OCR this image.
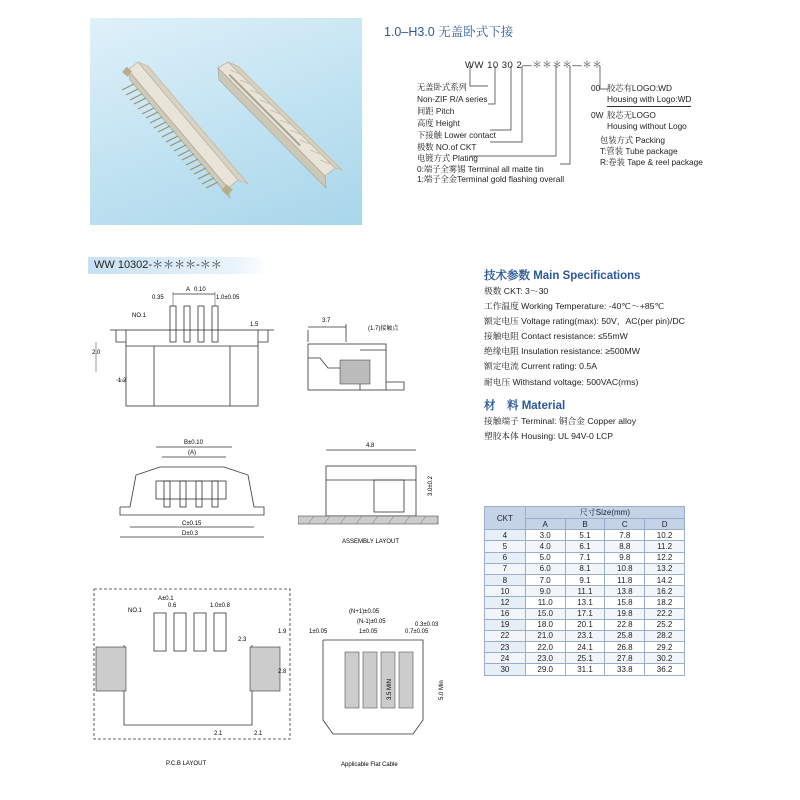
1.0–H3.0 无盖卧式下接
WW 10 30 2—＊＊＊＊—＊＊
无盖卧式系列
Non-ZIF R/A series
间距 Pitch
高度 Height
下接触 Lower contact
极数 NO.of CKT
电镀方式 Plating
0:端子全雾锡 Terminal all matte tin
1:端子全金Terminal gold flashing overall
00 胶芯有LOGO:WD
Housing with Logo:WD
0W 胶芯无LOGO
Housing without Logo
包装方式 Packing
T:管装 Tube package
R:卷装 Tape & reel package
WW 10302-＊＊＊＊-＊＊
技术参数 Main Specifications
极数 CKT: 3～30
工作温度 Working Temperature: -40℃～+85℃
额定电压 Voltage rating(max): 50V，AC(per pin)/DC
接触电阻 Contact resistance: ≤55mW
绝缘电阻 Insulation resistance: ≥500MW
额定电流 Current rating: 0.5A
耐电压 Withstand voltage: 500VAC(rms)
材　料 Material
接触端子 Terminal: 铜合金 Copper alloy
塑胶本体 Housing: UL 94V-0 LCP
CKT	尺寸Size(mm)			
	A	B	C	D
4	3.0	5.1	7.8	10.2
5	4.0	6.1	8.8	11.2
6	5.0	7.1	9.8	12.2
7	6.0	8.1	10.8	13.2
8	7.0	9.1	11.8	14.2
10	9.0	11.1	13.8	16.2
12	11.0	13.1	15.8	18.2
16	15.0	17.1	19.8	22.2
19	18.0	20.1	22.8	25.2
22	21.0	23.1	25.8	28.2
23	22.0	24.1	26.8	29.2
24	23.0	25.1	27.8	30.2
30	29.0	31.1	33.8	36.2
A 0.10
0.35	1.0±0.05
NO.1
1.5
2.0
1.2
3.7
(1.7)接触点
B±0.10
(A)
C±0.15
D±0.3
4.8
3.0±0.2
ASSEMBLY LAYOUT
A±0.1
0.6	1.0±0.8
NO.1
2.3
1.9
2.8
2.1	2.1
P.C.B LAYOUT
(N+1)±0.05
(N-1)±0.05
1±0.05	1±0.05	0.7±0.05
0.3±0.03
3.5 MIN	5.0 Min
Applicable Flat Cable
